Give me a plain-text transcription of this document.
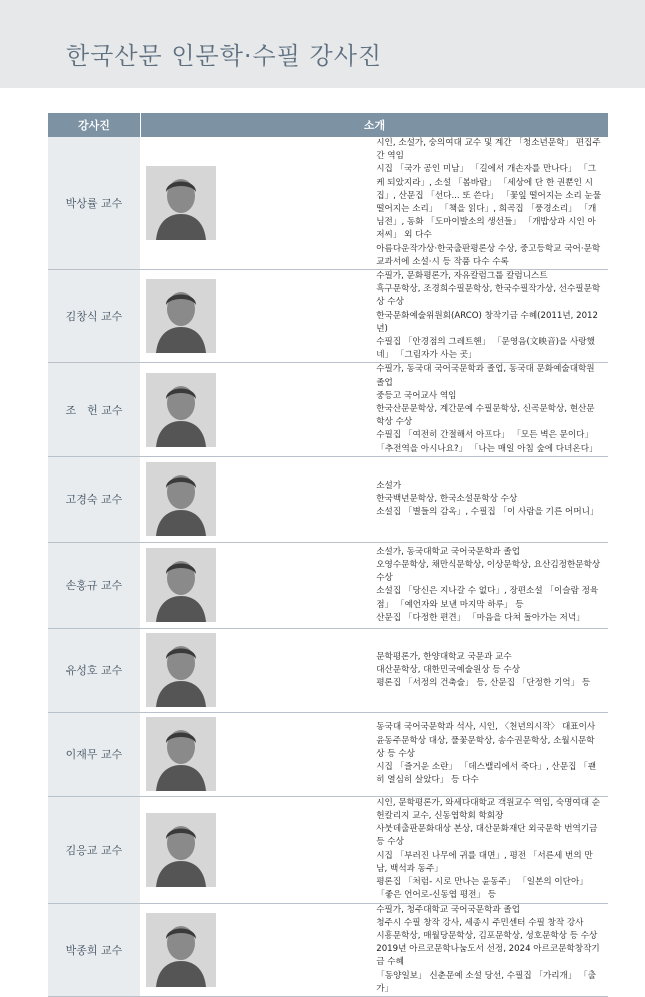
한국산문 인문학·수필 강사진
강사진	소개	
박상률 교수		시인, 소설가, 숭의여대 교수 및 계간 「청소년문학」 편집주간 역임
시집 「국가 공인 미남」 「길에서 개손자를 만나다」 「그케 되았지라」, 소설 「봄바람」 「세상에 단 한 권뿐인 시집」, 산문집 「선다... 또 쓴다」 「꽃잎 떨어지는 소리 눈물 떨어지는 소리」 「책을 읽다」, 희곡집 「풍경소리」 「개님전」, 동화 「도마이발소의 생선들」 「개밥상과 시인 아저씨」 외 다수
아름다운작가상·한국출판평론상 수상, 중고등학교 국어·문학 교과서에 소설·시 등 작품 다수 수록

김창식 교수		수필가, 문화평론가, 자유칼럼그룹 칼럼니스트
흑구문학상, 조경희수필문학상, 한국수필작가상, 선수필문학상 수상
한국문화예술위원회(ARCO) 창작기금 수혜(2011년, 2012년)
수필집 「안경점의 그레트헨」 「문영음(文映音)을 사랑했네」 「그림자가 사는 곳」

조　헌 교수		수필가, 동국대 국어국문학과 졸업, 동국대 문화예술대학원 졸업
중등고 국어교사 역임
한국산문문학상, 계간문예 수필문학상, 신곡문학상, 현산문학상 수상
수필집 「여전히 간절해서 아프다」 「모든 벽은 문이다」 「추전역을 아시나요?」 「나는 매일 아침 숲에 다녀온다」

고경숙 교수		소설가
한국백년문학상, 한국소설문학상 수상
소설집 「별들의 감옥」, 수필집 「이 사람을 기른 어머니」

손홍규 교수		소설가, 동국대학교 국어국문학과 졸업
오영수문학상, 채만식문학상, 이상문학상, 요산김정한문학상 수상
소설집 「당신은 지나갈 수 없다」, 장편소설 「이슬람 정육점」 「예언자와 보낸 마지막 하루」 등
산문집 「다정한 편견」 「마음을 다쳐 돌아가는 저녁」

유성호 교수		문학평론가, 한양대학교 국문과 교수
대산문학상, 대한민국예술원상 등 수상
평론집 「서정의 건축술」 등, 산문집 「단정한 기억」 등

이재무 교수		동국대 국어국문학과 석사, 시인, 〈천년의시작〉 대표이사
윤동주문학상 대상, 풀꽃문학상, 송수권문학상, 소월시문학상 등 수상
시집 「즐거운 소란」 「데스밸리에서 죽다」, 산문집 「괜히 열심히 살았다」 등 다수

김응교 교수		시인, 문학평론가, 와세다대학교 객원교수 역임, 숙명여대 순헌칼리지 교수, 신동엽학회 학회장
사붓데출판문화대상 본상, 대산문화재단 외국문학 번역기금 등 수상
시집 「부러진 나무에 귀를 대면」, 평전 「서른세 번의 만남, 백석과 동주」
평론집 「처럼- 시로 만나는 윤동주」 「일본의 이단아」 「좋은 언어로-신동엽 평전」 등

박종희 교수		수필가, 청주대학교 국어국문학과 졸업
청주시 수필 창작 강사, 세종시 주민센터 수필 창작 강사
시흥문학상, 매월당문학상, 김포문학상, 성호문학상 등 수상
2019년 아르코문학나눔도서 선정, 2024 아르코문학창작기금 수혜
「동양일보」 신춘문예 소설 당선, 수필집 「가리개」 「출가」
